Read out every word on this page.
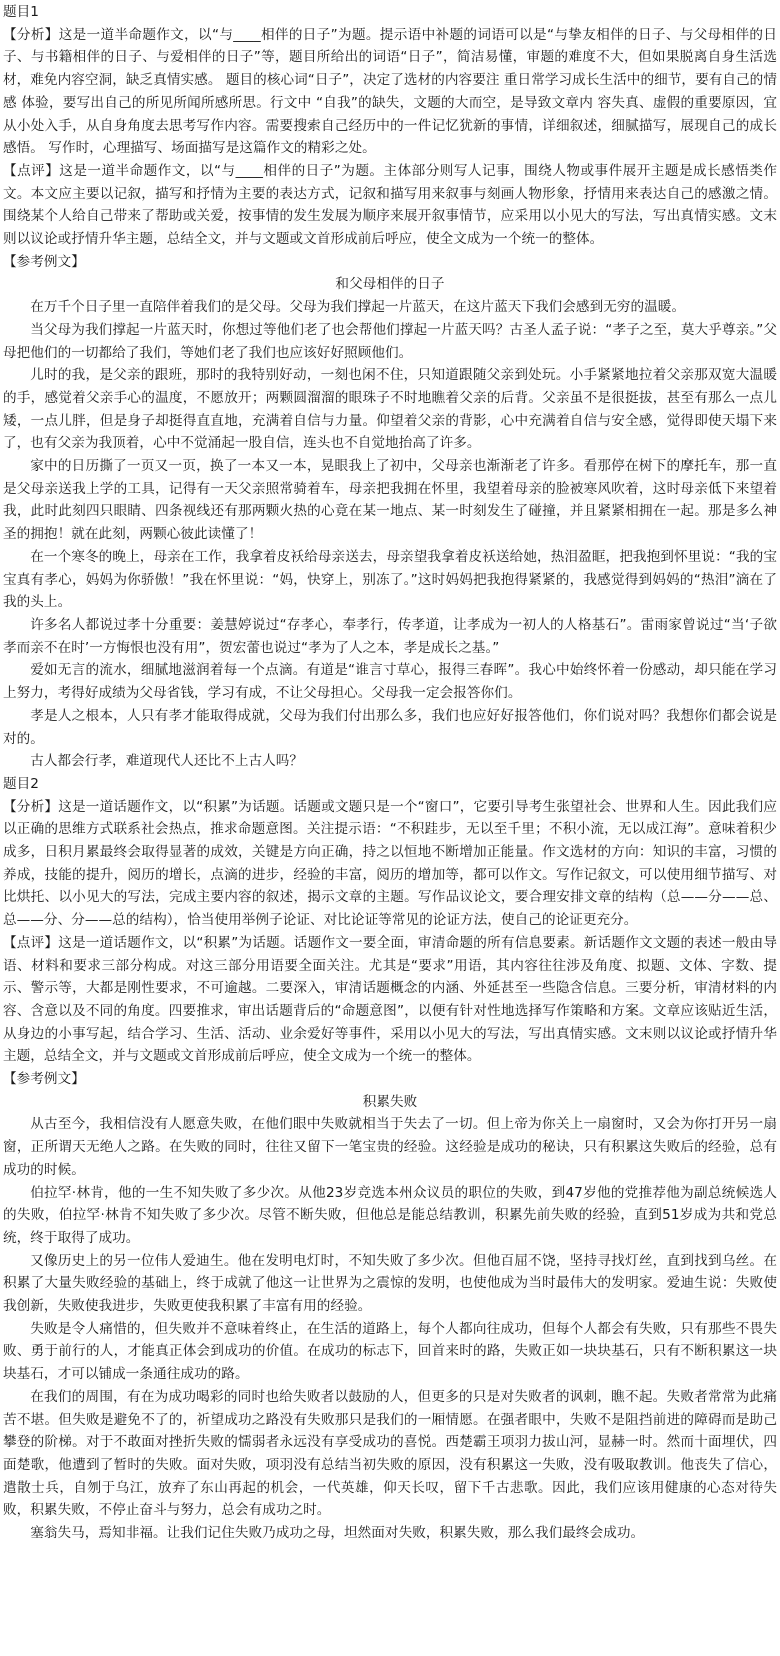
题目1

【分析】这是一道半命题作文，以“与____相伴的日子”为题。提示语中补题的词语可以是“与挚友相伴的日子、与父母相伴的日子、与书籍相伴的日子、与爱相伴的日子”等，题目所给出的词语“日子”，简洁易懂，审题的难度不大，但如果脱离自身生活选材，难免内容空洞，缺乏真情实感。 题目的核心词“日子”，决定了选材的内容要注 重日常学习成长生活中的细节，要有自己的情感 体验，要写出自己的所见所闻所感所思。行文中 “自我”的缺失，文题的大而空，是导致文章内 容失真、虚假的重要原因，宜从小处入手，从自身角度去思考写作内容。需要搜索自己经历中的一件记忆犹新的事情，详细叙述，细腻描写，展现自己的成长感悟。 写作时，心理描写、场面描写是这篇作文的精彩之处。

【点评】这是一道半命题作文，以“与____相伴的日子”为题。主体部分则写人记事，围绕人物或事件展开主题是成长感悟类作文。本文应主要以记叙，描写和抒情为主要的表达方式，记叙和描写用来叙事与刻画人物形象，抒情用来表达自己的感激之情。围绕某个人给自己带来了帮助或关爱，按事情的发生发展为顺序来展开叙事情节，应采用以小见大的写法，写出真情实感。文末则以议论或抒情升华主题，总结全文，并与文题或文首形成前后呼应，使全文成为一个统一的整体。

【参考例文】

和父母相伴的日子

在万千个日子里一直陪伴着我们的是父母。父母为我们撑起一片蓝天，在这片蓝天下我们会感到无穷的温暖。

当父母为我们撑起一片蓝天时，你想过等他们老了也会帮他们撑起一片蓝天吗？古圣人孟子说：“孝子之至，莫大乎尊亲。”父母把他们的一切都给了我们，等她们老了我们也应该好好照顾他们。

儿时的我，是父亲的跟班，那时的我特别好动，一刻也闲不住，只知道跟随父亲到处玩。小手紧紧地拉着父亲那双宽大温暖的手，感觉着父亲手心的温度，不愿放开；两颗圆溜溜的眼珠子不时地瞧着父亲的后背。父亲虽不是很挺拔，甚至有那么一点儿矮，一点儿胖，但是身子却挺得直直地，充满着自信与力量。仰望着父亲的背影，心中充满着自信与安全感，觉得即使天塌下来了，也有父亲为我顶着，心中不觉涌起一股自信，连头也不自觉地抬高了许多。

家中的日历撕了一页又一页，换了一本又一本，晃眼我上了初中，父母亲也渐渐老了许多。看那停在树下的摩托车，那一直是父母亲送我上学的工具，记得有一天父亲照常骑着车，母亲把我拥在怀里，我望着母亲的脸被寒风吹着，这时母亲低下来望着我，此时此刻四只眼睛、四条视线还有那两颗火热的心竟在某一地点、某一时刻发生了碰撞，并且紧紧相拥在一起。那是多么神圣的拥抱！就在此刻，两颗心彼此读懂了！

在一个寒冬的晚上，母亲在工作，我拿着皮袄给母亲送去，母亲望我拿着皮袄送给她，热泪盈眶，把我抱到怀里说：“我的宝宝真有孝心，妈妈为你骄傲！”我在怀里说：“妈，快穿上，别冻了。”这时妈妈把我抱得紧紧的，我感觉得到妈妈的“热泪”滴在了我的头上。

许多名人都说过孝十分重要：姜慧婷说过“存孝心，奉孝行，传孝道，让孝成为一初人的人格基石”。雷雨家曾说过“当‘子欲孝而亲不在时’一方悔恨也没有用”，贺宏蕾也说过“孝为了人之本，孝是成长之基。”

爱如无言的流水，细腻地滋润着每一个点滴。有道是“谁言寸草心，报得三春晖”。我心中始终怀着一份感动，却只能在学习上努力，考得好成绩为父母省钱，学习有成，不让父母担心。父母我一定会报答你们。

孝是人之根本，人只有孝才能取得成就，父母为我们付出那么多，我们也应好好报答他们，你们说对吗？我想你们都会说是对的。

古人都会行孝，难道现代人还比不上古人吗？

题目2

【分析】这是一道话题作文，以“积累”为话题。话题或文题只是一个“窗口”，它要引导考生张望社会、世界和人生。因此我们应以正确的思维方式联系社会热点，推求命题意图。关注提示语：“不积跬步，无以至千里；不积小流，无以成江海”。意味着积少成多，日积月累最终会取得显著的成效，关键是方向正确，持之以恒地不断增加正能量。作文选材的方向：知识的丰富，习惯的养成，技能的提升，阅历的增长，点滴的进步，经验的丰富，阅历的增加等，都可以作文。写作记叙文，可以使用细节描写、对比烘托、以小见大的写法，完成主要内容的叙述，揭示文章的主题。写作品议论文，要合理安排文章的结构（总——分——总、总——分、分——总的结构），恰当使用举例子论证、对比论证等常见的论证方法，使自己的论证更充分。

【点评】这是一道话题作文，以“积累”为话题。话题作文一要全面，审清命题的所有信息要素。新话题作文文题的表述一般由导语、材料和要求三部分构成。对这三部分用语要全面关注。尤其是“要求”用语，其内容往往涉及角度、拟题、文体、字数、提示、警示等，大都是刚性要求，不可逾越。二要深入，审清话题概念的内涵、外延甚至一些隐含信息。三要分析，审清材料的内容、含意以及不同的角度。四要推求，审出话题背后的“命题意图”，以便有针对性地选择写作策略和方案。文章应该贴近生活，从身边的小事写起，结合学习、生活、活动、业余爱好等事件，采用以小见大的写法，写出真情实感。文末则以议论或抒情升华主题，总结全文，并与文题或文首形成前后呼应，使全文成为一个统一的整体。

【参考例文】

积累失败

从古至今，我相信没有人愿意失败，在他们眼中失败就相当于失去了一切。但上帝为你关上一扇窗时，又会为你打开另一扇窗，正所谓天无绝人之路。在失败的同时，往往又留下一笔宝贵的经验。这经验是成功的秘诀，只有积累这失败后的经验，总有成功的时候。

伯拉罕·林肯，他的一生不知失败了多少次。从他23岁竞选本州众议员的职位的失败，到47岁他的党推荐他为副总统候选人的失败，伯拉罕·林肯不知失败了多少次。尽管不断失败，但他总是能总结教训，积累先前失败的经验，直到51岁成为共和党总统，终于取得了成功。

又像历史上的另一位伟人爱迪生。他在发明电灯时，不知失败了多少次。但他百屈不饶，坚持寻找灯丝，直到找到乌丝。在积累了大量失败经验的基础上，终于成就了他这一让世界为之震惊的发明，也使他成为当时最伟大的发明家。爱迪生说：失败使我创新，失败使我进步，失败更使我积累了丰富有用的经验。

失败是令人痛惜的，但失败并不意味着终止，在生活的道路上，每个人都向往成功，但每个人都会有失败，只有那些不畏失败、勇于前行的人，才能真正体会到成功的价值。在成功的标志下，回首来时的路，失败正如一块块基石，只有不断积累这一块块基石，才可以铺成一条通往成功的路。

在我们的周围，有在为成功喝彩的同时也给失败者以鼓励的人，但更多的只是对失败者的讽刺，瞧不起。失败者常常为此痛苦不堪。但失败是避免不了的，祈望成功之路没有失败那只是我们的一厢情愿。在强者眼中，失败不是阻挡前进的障碍而是助己攀登的阶梯。对于不敢面对挫折失败的懦弱者永远没有享受成功的喜悦。西楚霸王项羽力拔山河，显赫一时。然而十面埋伏，四面楚歌，他遭到了暂时的失败。面对失败，项羽没有总结当初失败的原因，没有积累这一失败，没有吸取教训。他丧失了信心，遣散士兵，自刎于乌江，放弃了东山再起的机会，一代英雄，仰天长叹，留下千古悲歌。因此，我们应该用健康的心态对待失败，积累失败，不停止奋斗与努力，总会有成功之时。

塞翁失马，焉知非福。让我们记住失败乃成功之母，坦然面对失败，积累失败，那么我们最终会成功。
